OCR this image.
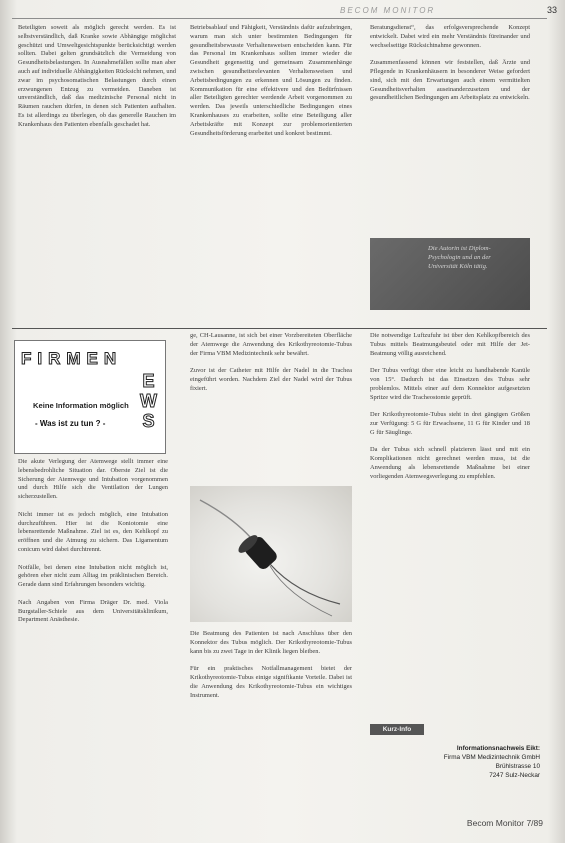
BECOM MONITOR	33
Beteiligten soweit als möglich gerecht werden. Es ist selbstverständlich, daß Kranke sowie Abhängige möglichst geschützt und Umweltgesichtspunkte berücksichtigt werden sollten. Dabei gelten grundsätzlich die Vermeidung von Gesundheitsbelastungen. In Ausnahmefällen sollte man aber auch auf individuelle Abhängigkeiten Rücksicht nehmen, und zwar im psychosomatischen Belastungen durch einen erzwungenen Entzug zu vermeiden. Daneben ist unverständlich, daß das medizinische Personal nicht in Räumen rauchen dürfen, in denen sich Patienten aufhalten. Es ist allerdings zu überlegen, ob das generelle Rauchen im Krankenhaus den Patienten ebenfalls geschadet hat.
Betriebsablauf und Fähigkeit, Verständnis dafür aufzubringen, warum man sich unter bestimmten Bedingungen für gesundheitsbewusste Verhaltensweisen entscheiden kann. Für das Personal im Krankenhaus sollten immer wieder die Gesundheit gegenseitig und gemeinsam Zusammenhänge zwischen gesundheitsrelevanten Verhaltensweisen und Arbeitsbedingungen zu erkennen und Lösungen zu finden. Kommunikation für eine effektivere und den Bedürfnissen aller Beteiligten gerechter werdende Arbeit vorgenommen zu werden. Das jeweils unterschiedliche Bedingungen eines Krankenhauses zu erarbeiten, sollte eine Beteiligung aller Arbeitskräfte mit Konzept zur problemorientierten Gesundheitsförderung erarbeitet und konkret bestimmt.
Beratungsdienst“, das erfolgsversprechende Konzept entwickelt. Dabei wird ein mehr Verständnis füreinander und wechselseitige Rücksichtnahme gewonnen.

Zusammenfassend können wir feststellen, daß Ärzte und Pflegende in Krankenhäusern in besonderer Weise gefordert sind, sich mit den Erwartungen auch einem vermittelten Gesundheitsverhalten auseinanderzusetzen und der gesundheitlichen Bedingungen am Arbeitsplatz zu entwickeln.
Die Autorin ist Diplom-Psychologin und an der Universität Köln tätig.
FIRMEN
E
W
S
Keine Information möglich
- Was ist zu tun ? -
Die akute Verlegung der Atemwege stellt immer eine lebensbedrohliche Situation dar. Oberste Ziel ist die Sicherung der Atemwege und Intubation vorgenommen und durch Hilfe sich die Ventilation der Lungen sicherzustellen.

Nicht immer ist es jedoch möglich, eine Intubation durchzuführen. Hier ist die Koniotomie eine lebensrettende Maßnahme. Ziel ist es, den Kehlkopf zu eröffnen und die Atmung zu sichern. Das Ligamentum conicum wird dabei durchtrennt.

Notfälle, bei denen eine Intubation nicht möglich ist, gehören eher nicht zum Alltag im präklinischen Bereich. Gerade dann sind Erfahrungen besonders wichtig.

Nach Angaben von Firma Dräger Dr. med. Viola Burgstaller-Schiele aus dem Universitätsklinikum, Department Anästhesie.
ge, CH-Lausanne, ist sich bei einer Vorzbereiteten Oberfläche der Atemwege die Anwendung des Krikothyreotomie-Tubus der Firma VBM Medizintechnik sehr bewährt.

Zuvor ist der Catheter mit Hilfe der Nadel in die Trachea eingeführt worden. Nachdem Ziel der Nadel wird der Tubus fixiert.
Die Beatmung des Patienten ist nach Anschluss über den Konnektor des Tubus möglich. Der Krikothyreotomie-Tubus kann bis zu zwei Tage in der Klinik liegen bleiben.

Für ein praktisches Notfallmanagement bietet der Krikothyreotomie-Tubus einige signifikante Vorteile. Dabei ist die Anwendung des Krikothyreotomie-Tubus ein wichtiges Instrument.
Die notwendige Luftzufuhr ist über den Kehlkopfbereich des Tubus mittels Beatmungsbeutel oder mit Hilfe der Jet-Beatmung völlig ausreichend.

Der Tubus verfügt über eine leicht zu handhabende Kanüle von 15°. Dadurch ist das Einsetzen des Tubus sehr problemlos. Mittels einer auf dem Konnektor aufgesetzten Spritze wird die Tracheostomie geprüft.

Der Krikothyreotomie-Tubus steht in drei gängigen Größen zur Verfügung: 5 G für Erwachsene, 11 G für Kinder und 18 G für Säuglinge.

Da der Tubus sich schnell platzieren lässt und mit ein Komplikationen nicht gerechnet werden muss, ist die Anwendung als lebensrettende Maßnahme bei einer vorliegenden Atemwegsverlegung zu empfehlen.
Kurz-Info
Informationsnachweis Eikt:
Firma VBM Medizintechnik GmbH
Brühlstrasse 10
7247 Sulz-Neckar
Becom Monitor 7/89
